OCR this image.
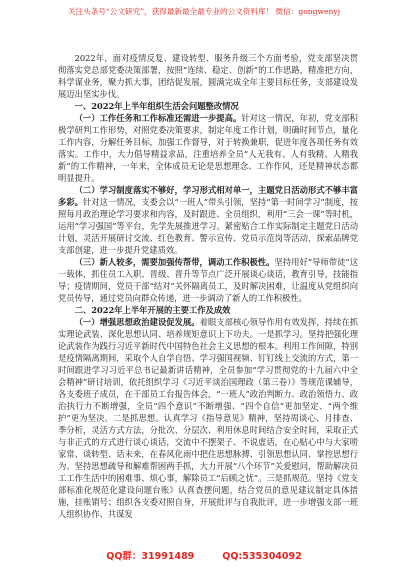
关注头条号“公文研究”，获得最新最全最专业的公文资料库！ 微信：gongwenyj

2022年，面对疫情反复、建设转型、服务升级三个方面考验，党支部坚决贯彻落实党总部党委决策部署，按照“连续、稳定、创新”的工作思路，精准把方向，科学谋业务，聚力抓大事，团结促发展，圆满完成全年主要目标任务，支部建设发展迈出坚实步伐。

一、2022年上半年组织生活会问题整改情况

（一）工作任务和工作标准还需进一步提高。针对这一情况，年初，党支部积极学研判工作形势，对照党委决策要求，制定年度工作计划，明确时间节点，量化工作内容，分解任务目标，加强工作督导，对于转换兼职，促进年度各项任务有效落实。工作中，大力倡导精益求品，注重培养全员“人无我有、人有我精、人精我新”的工作精神，一年来，全体成员无论是思想理念、工作作风，还是精神状态都明显提升。

（二）学习制度落实不够好，学习形式相对单一，主题党日活动形式不够丰富多彩。针对这一情况，支委会以“一班人”带头引领，坚持“第一时间学习”制度，按照每月政治理论学习要求和内容，及时跟进、全员组织，利用“三会一课”等时机，运用“学习强国”等平台，先学先展推进学习。紧密贴合工作实际制定主题党日活动计划，灵活开展研讨交流、红色教育、警示宣传、党员示范岗等活动，探索品牌党支部创建，进一步提升党建质效。

（三）新人较多，需要加强传帮带，调动工作积极性。坚持用好“导师带徒”这一载体，抓住员工入职、晋级、晋升等节点广泛开展谈心谈话，教育引导，技能指导；疫情期间，党员干部“结对”关怀隔离员工，及时解决困难，让温度从党组织向党员传导，通过党员向群众传递，进一步调动了新人的工作积极性。

二、2022年上半年开展的主要工作及成效

（一）增强思想政治建设促发展。着眼支部核心领导作用有效发挥，持续在抓实理论武装、深化思想认同、培养规矩意识上下功夫。一是抓学习。坚持把强化理论武装作为践行习近平新时代中国特色社会主义思想的根本。利用工作间隙，特别是疫情隔离期间，采取个人自学自悟、学习强国视频、钉钉线上交流的方式，第一时间跟进学习习近平总书记最新讲话精神，全员参加“学习贯彻党的十九届六中全会精神”研讨培训，依托组织学习《习近平谈治国理政（第三卷）》等规范课辅导，各支委班子成员，在干部员工台报告体会，“一班人”政治判断力、政治领悟力、政治执行力不断增强，全员“四个意识”不断增强、“四个自信”更加坚定、“两个维护”更为坚决。二是抓思想。认真学习《指导意见》精神，坚持周谈心、月排查、季分析，灵活方式方法，分批次、分层次、利用休息时间结合安全时间，采取正式与非正式的方式进行谈心谈话，交流中不摆架子、不说虚话，在心贴心中与大家唠家常、谈转型、话未来，在春风化雨中把住思想脉搏、引领思想认同、掌控思想行为。坚持思想疏导和解难帮困两手抓，大力开展“八个环节”关爱慰问，帮助解决员工工作生活中的困难事、烦心事，解除员工“后顾之忧”。三是抓规范。坚持《党支部标准化规范化建设问题台账》认真查摆问题，结合党员的意见建议制定具体措施，挂账销号；组织各支委对照自身，开展批评与自我批评，进一步增强支部一班人组织协作、共谋发

QQ群：31991489	QQ:535304092
